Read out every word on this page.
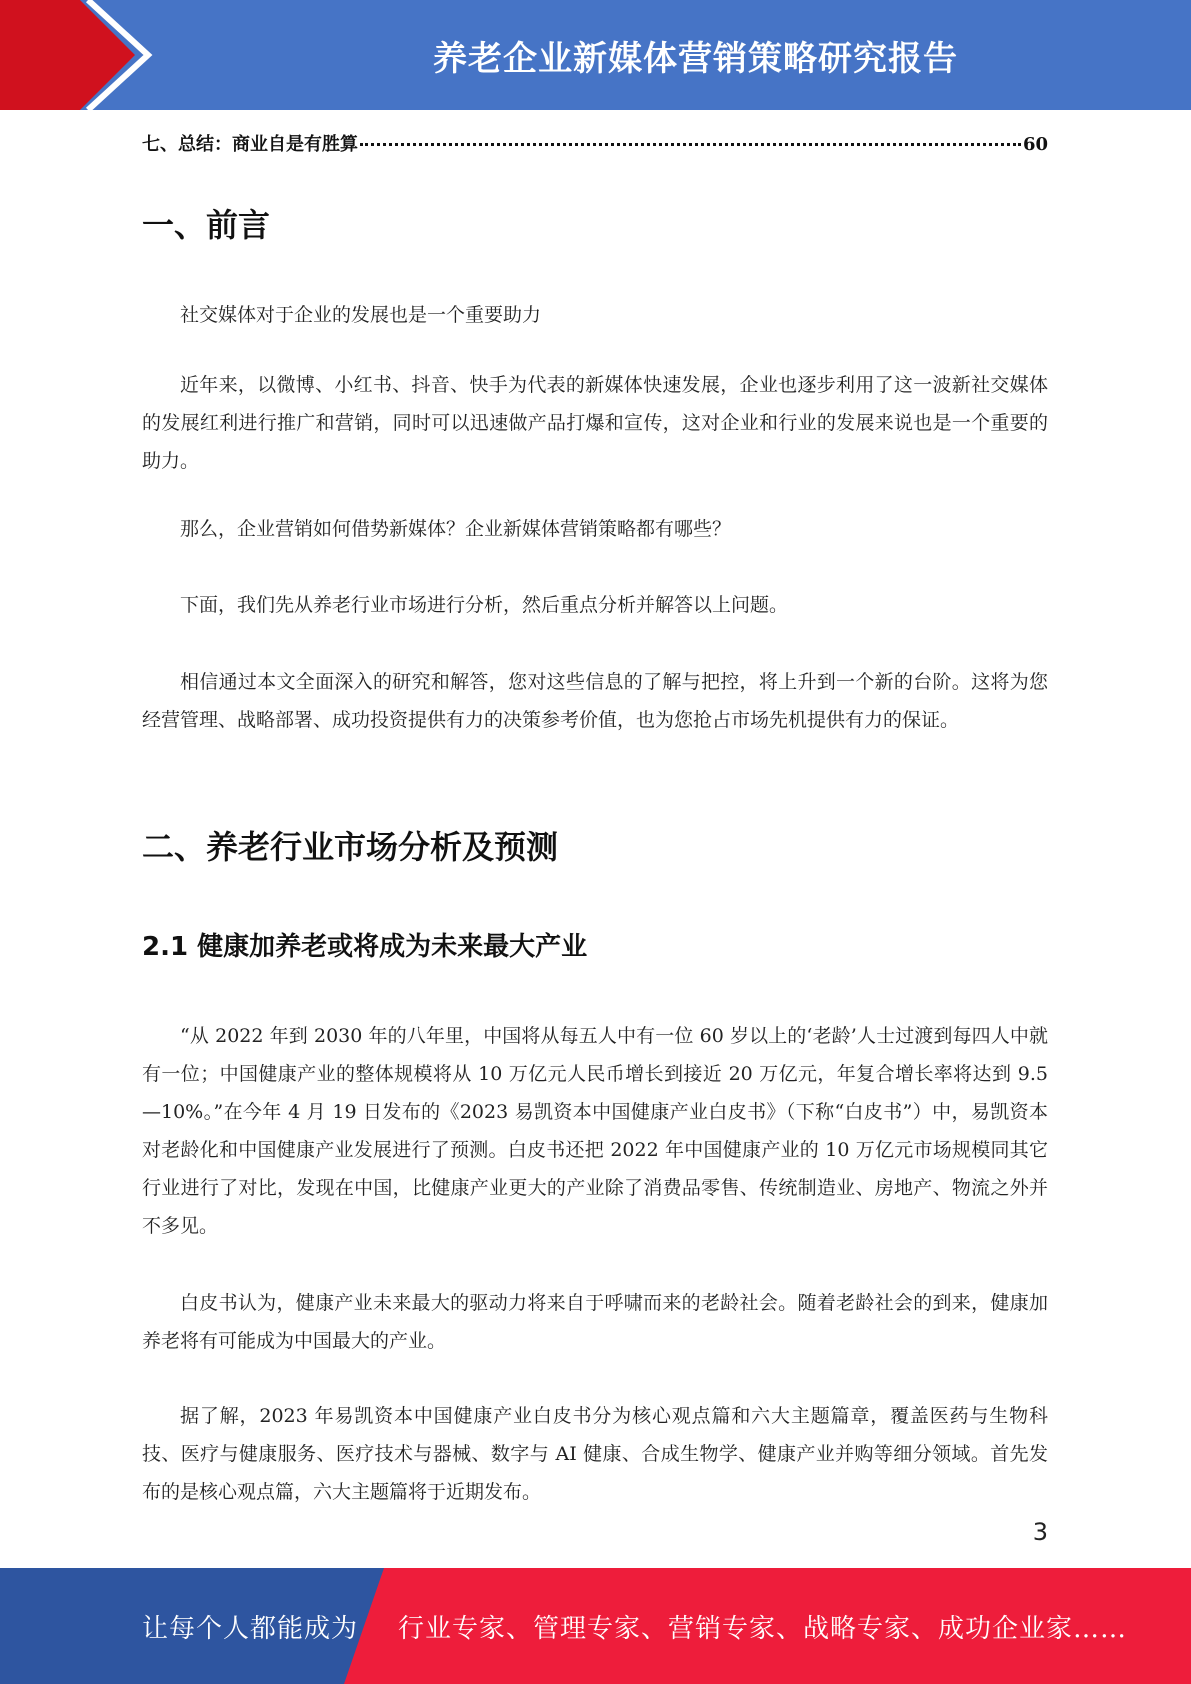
养老企业新媒体营销策略研究报告
七、总结：商业自是有胜算	60
一、前言

社交媒体对于企业的发展也是一个重要助力

近年来，以微博、小红书、抖音、快手为代表的新媒体快速发展，企业也逐步利用了这一波新社交媒体的发展红利进行推广和营销，同时可以迅速做产品打爆和宣传，这对企业和行业的发展来说也是一个重要的助力。

那么，企业营销如何借势新媒体？企业新媒体营销策略都有哪些？

下面，我们先从养老行业市场进行分析，然后重点分析并解答以上问题。

相信通过本文全面深入的研究和解答，您对这些信息的了解与把控，将上升到一个新的台阶。这将为您经营管理、战略部署、成功投资提供有力的决策参考价值，也为您抢占市场先机提供有力的保证。

二、养老行业市场分析及预测
2.1 健康加养老或将成为未来最大产业

“从 2022 年到 2030 年的八年里，中国将从每五人中有一位 60 岁以上的‘老龄’人士过渡到每四人中就有一位；中国健康产业的整体规模将从 10 万亿元人民币增长到接近 20 万亿元，年复合增长率将达到 9.5—10%。”在今年 4 月 19 日发布的《2023 易凯资本中国健康产业白皮书》（下称“白皮书”）中，易凯资本对老龄化和中国健康产业发展进行了预测。白皮书还把 2022 年中国健康产业的 10 万亿元市场规模同其它行业进行了对比，发现在中国，比健康产业更大的产业除了消费品零售、传统制造业、房地产、物流之外并不多见。

白皮书认为，健康产业未来最大的驱动力将来自于呼啸而来的老龄社会。随着老龄社会的到来，健康加养老将有可能成为中国最大的产业。

据了解，2023 年易凯资本中国健康产业白皮书分为核心观点篇和六大主题篇章，覆盖医药与生物科技、医疗与健康服务、医疗技术与器械、数字与 AI 健康、合成生物学、健康产业并购等细分领域。首先发布的是核心观点篇，六大主题篇将于近期发布。

3
让每个人都能成为 行业专家、管理专家、营销专家、战略专家、成功企业家……
